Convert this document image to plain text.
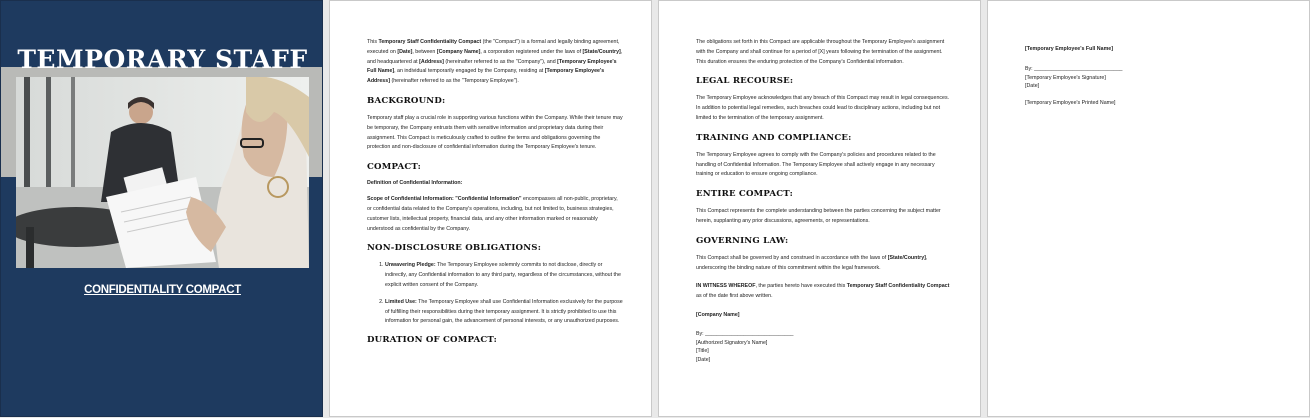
TEMPORARY STAFF
CONFIDENTIALITY COMPACT

This Temporary Staff Confidentiality Compact (the "Compact") is a formal and legally binding agreement, executed on [Date], between [Company Name], a corporation registered under the laws of [State/Country], and headquartered at [Address] (hereinafter referred to as the "Company"), and [Temporary Employee's Full Name], an individual temporarily engaged by the Company, residing at [Temporary Employee's Address] (hereinafter referred to as the "Temporary Employee").

BACKGROUND:

Temporary staff play a crucial role in supporting various functions within the Company. While their tenure may be temporary, the Company entrusts them with sensitive information and proprietary data during their assignment. This Compact is meticulously crafted to outline the terms and obligations governing the protection and non-disclosure of confidential information during the Temporary Employee's tenure.

COMPACT:
Definition of Confidential Information:

Scope of Confidential Information: "Confidential Information" encompasses all non-public, proprietary, or confidential data related to the Company's operations, including, but not limited to, business strategies, customer lists, intellectual property, financial data, and any other information marked or reasonably understood as confidential by the Company.

NON-DISCLOSURE OBLIGATIONS:
1. Unwavering Pledge: The Temporary Employee solemnly commits to not disclose, directly or indirectly, any Confidential information to any third party, regardless of the circumstances, without the explicit written consent of the Company.
2. Limited Use: The Temporary Employee shall use Confidential Information exclusively for the purpose of fulfilling their responsibilities during their temporary assignment. It is strictly prohibited to use this information for personal gain, the advancement of personal interests, or any unauthorized purposes.
DURATION OF COMPACT:

The obligations set forth in this Compact are applicable throughout the Temporary Employee's assignment with the Company and shall continue for a period of [X] years following the termination of the assignment. This duration ensures the enduring protection of the Company's Confidential information.

LEGAL RECOURSE:

The Temporary Employee acknowledges that any breach of this Compact may result in legal consequences. In addition to potential legal remedies, such breaches could lead to disciplinary actions, including but not limited to the termination of the temporary assignment.

TRAINING AND COMPLIANCE:

The Temporary Employee agrees to comply with the Company's policies and procedures related to the handling of Confidential Information. The Temporary Employee shall actively engage in any necessary training or education to ensure ongoing compliance.

ENTIRE COMPACT:

This Compact represents the complete understanding between the parties concerning the subject matter herein, supplanting any prior discussions, agreements, or representations.

GOVERNING LAW:

This Compact shall be governed by and construed in accordance with the laws of [State/Country], underscoring the binding nature of this commitment within the legal framework.

IN WITNESS WHEREOF, the parties hereto have executed this Temporary Staff Confidentiality Compact as of the date first above written.

[Company Name]

By: ______________________________
[Authorized Signatory's Name]
[Title]
[Date]

[Temporary Employee's Full Name]

By: ______________________________
[Temporary Employee's Signature]
[Date]
[Temporary Employee's Printed Name]
